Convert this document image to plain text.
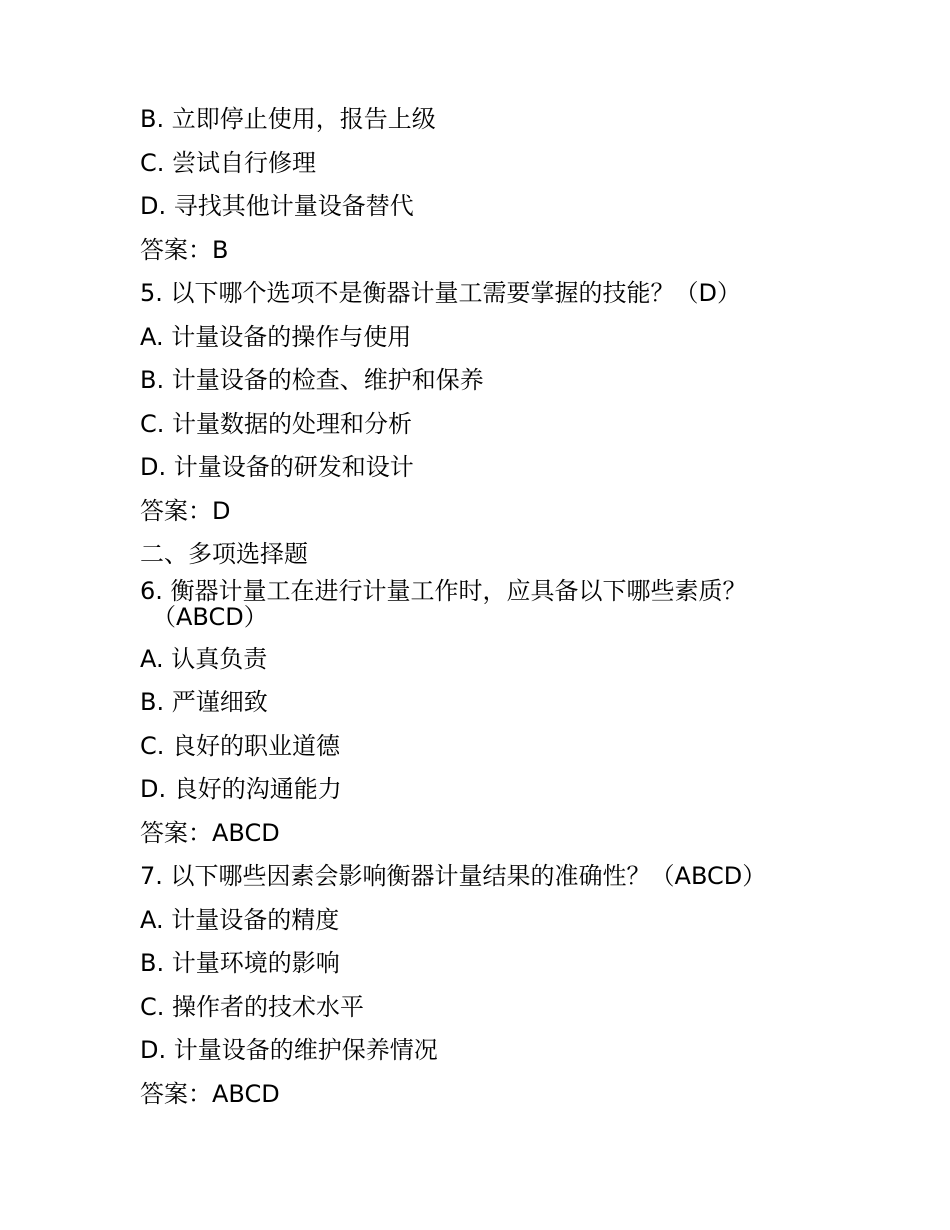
B. 立即停止使用，报告上级
C. 尝试自行修理
D. 寻找其他计量设备替代
答案：B
5. 以下哪个选项不是衡器计量工需要掌握的技能？（D）
A. 计量设备的操作与使用
B. 计量设备的检查、维护和保养
C. 计量数据的处理和分析
D. 计量设备的研发和设计
答案：D
二、多项选择题
6. 衡器计量工在进行计量工作时，应具备以下哪些素质？
（ABCD）
A. 认真负责
B. 严谨细致
C. 良好的职业道德
D. 良好的沟通能力
答案：ABCD
7. 以下哪些因素会影响衡器计量结果的准确性？（ABCD）
A. 计量设备的精度
B. 计量环境的影响
C. 操作者的技术水平
D. 计量设备的维护保养情况
答案：ABCD
